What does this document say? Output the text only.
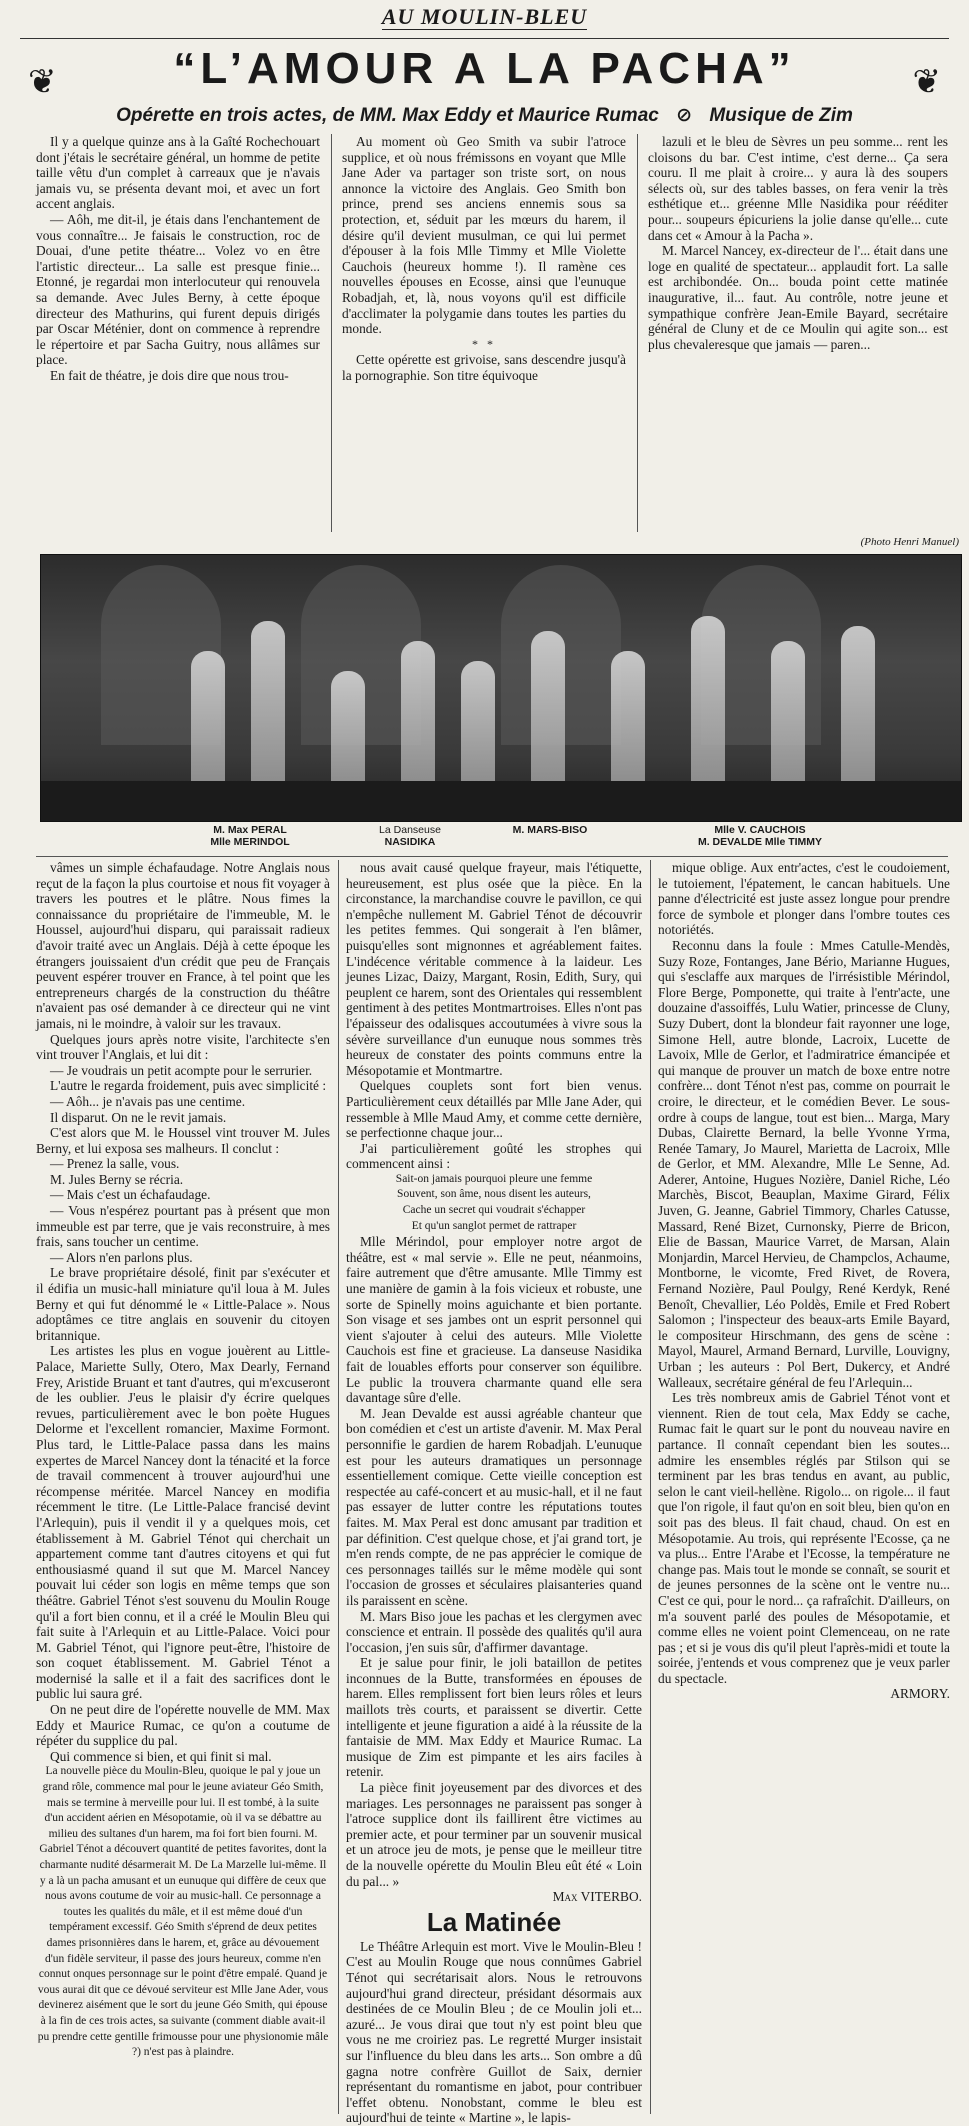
AU MOULIN-BLEU
❦	❦
“L’AMOUR A LA PACHA”
Opérette en trois actes, de MM. Max Eddy et Maurice Rumac ⊘ Musique de Zim

Il y a quelque quinze ans à la Gaîté Rochechouart dont j'étais le secrétaire général, un homme de petite taille vêtu d'un complet à carreaux que je n'avais jamais vu, se présenta devant moi, et avec un fort accent anglais.

— Aôh, me dit-il, je étais dans l'enchantement de vous connaître... Je faisais le construction, roc de Douai, d'une petite théatre... Volez vo en être l'artistic directeur... La salle est presque finie... Etonné, je regardai mon interlocuteur qui renouvela sa demande. Avec Jules Berny, à cette époque directeur des Mathurins, qui furent depuis dirigés par Oscar Méténier, dont on commence à reprendre le répertoire et par Sacha Guitry, nous allâmes sur place.

En fait de théatre, je dois dire que nous trou-

Au moment où Geo Smith va subir l'atroce supplice, et où nous frémissons en voyant que Mlle Jane Ader va partager son triste sort, on nous annonce la victoire des Anglais. Geo Smith bon prince, prend ses anciens ennemis sous sa protection, et, séduit par les mœurs du harem, il désire qu'il devient musulman, ce qui lui permet d'épouser à la fois Mlle Timmy et Mlle Violette Cauchois (heureux homme !). Il ramène ces nouvelles épouses en Ecosse, ainsi que l'eunuque Robadjah, et, là, nous voyons qu'il est difficile d'acclimater la polygamie dans toutes les parties du monde.

* *

Cette opérette est grivoise, sans descendre jusqu'à la pornographie. Son titre équivoque

lazuli et le bleu de Sèvres un peu somme... rent les cloisons du bar. C'est intime, c'est derne... Ça sera couru. Il me plait à croire... y aura là des soupers sélects où, sur des tables basses, on fera venir la très esthétique et... gréenne Mlle Nasidika pour rééditer pour... soupeurs épicuriens la jolie danse qu'elle... cute dans cet « Amour à la Pacha ».

M. Marcel Nancey, ex-directeur de l'... était dans une loge en qualité de spectateur... applaudit fort. La salle est archibondée. On... bouda point cette matinée inaugurative, il... faut. Au contrôle, notre jeune et sympathique confrère Jean-Emile Bayard, secrétaire général de Cluny et de ce Moulin qui agite son... est plus chevaleresque que jamais — paren...

(Photo Henri Manuel)
M. Max PERAL
Mlle MERINDOL
La Danseuse
NASIDIKA
M. MARS-BISO	Mlle V. CAUCHOIS
M. DEVALDE Mlle TIMMY

vâmes un simple échafaudage. Notre Anglais nous reçut de la façon la plus courtoise et nous fit voyager à travers les poutres et le plâtre. Nous fimes la connaissance du propriétaire de l'immeuble, M. le Houssel, aujourd'hui disparu, qui paraissait radieux d'avoir traité avec un Anglais. Déjà à cette époque les étrangers jouissaient d'un crédit que peu de Français peuvent espérer trouver en France, à tel point que les entrepreneurs chargés de la construction du théâtre n'avaient pas osé demander à ce directeur qui ne vint jamais, ni le moindre, à valoir sur les travaux.

Quelques jours après notre visite, l'architecte s'en vint trouver l'Anglais, et lui dit :

— Je voudrais un petit acompte pour le serrurier.

L'autre le regarda froidement, puis avec simplicité :

— Aôh... je n'avais pas une centime.

Il disparut. On ne le revit jamais.

C'est alors que M. le Houssel vint trouver M. Jules Berny, et lui exposa ses malheurs. Il conclut :

— Prenez la salle, vous.

M. Jules Berny se récria.

— Mais c'est un échafaudage.

— Vous n'espérez pourtant pas à présent que mon immeuble est par terre, que je vais reconstruire, à mes frais, sans toucher un centime.

— Alors n'en parlons plus.

Le brave propriétaire désolé, finit par s'exécuter et il édifia un music-hall miniature qu'il loua à M. Jules Berny et qui fut dénommé le « Little-Palace ». Nous adoptâmes ce titre anglais en souvenir du citoyen britannique.

Les artistes les plus en vogue jouèrent au Little-Palace, Mariette Sully, Otero, Max Dearly, Fernand Frey, Aristide Bruant et tant d'autres, qui m'excuseront de les oublier. J'eus le plaisir d'y écrire quelques revues, particulièrement avec le bon poète Hugues Delorme et l'excellent romancier, Maxime Formont. Plus tard, le Little-Palace passa dans les mains expertes de Marcel Nancey dont la ténacité et la force de travail commencent à trouver aujourd'hui une récompense méritée. Marcel Nancey en modifia récemment le titre. (Le Little-Palace francisé devint l'Arlequin), puis il vendit il y a quelques mois, cet établissement à M. Gabriel Ténot qui cherchait un appartement comme tant d'autres citoyens et qui fut enthousiasmé quand il sut que M. Marcel Nancey pouvait lui céder son logis en même temps que son théâtre. Gabriel Ténot s'est souvenu du Moulin Rouge qu'il a fort bien connu, et il a créé le Moulin Bleu qui fait suite à l'Arlequin et au Little-Palace. Voici pour M. Gabriel Ténot, qui l'ignore peut-être, l'histoire de son coquet établissement. M. Gabriel Ténot a modernisé la salle et il a fait des sacrifices dont le public lui saura gré.

On ne peut dire de l'opérette nouvelle de MM. Max Eddy et Maurice Rumac, ce qu'on a coutume de répéter du supplice du pal.

Qui commence si bien, et qui finit si mal.

La nouvelle pièce du Moulin-Bleu, quoique le pal y joue un grand rôle, commence mal pour le jeune aviateur Géo Smith, mais se termine à merveille pour lui. Il est tombé, à la suite d'un accident aérien en Mésopotamie, où il va se débattre au milieu des sultanes d'un harem, ma foi fort bien fourni. M. Gabriel Ténot a découvert quantité de petites favorites, dont la charmante nudité désarmerait M. De La Marzelle lui-même. Il y a là un pacha amusant et un eunuque qui diffère de ceux que nous avons coutume de voir au music-hall. Ce personnage a toutes les qualités du mâle, et il est même doué d'un tempérament excessif. Géo Smith s'éprend de deux petites dames prisonnières dans le harem, et, grâce au dévouement d'un fidèle serviteur, il passe des jours heureux, comme n'en connut onques personnage sur le point d'être empalé. Quand je vous aurai dit que ce dévoué serviteur est Mlle Jane Ader, vous devinerez aisément que le sort du jeune Géo Smith, qui épouse à la fin de ces trois actes, sa suivante (comment diable avait-il pu prendre cette gentille frimousse pour une physionomie mâle ?) n'est pas à plaindre.

nous avait causé quelque frayeur, mais l'étiquette, heureusement, est plus osée que la pièce. En la circonstance, la marchandise couvre le pavillon, ce qui n'empêche nullement M. Gabriel Ténot de découvrir les petites femmes. Qui songerait à l'en blâmer, puisqu'elles sont mignonnes et agréablement faites. L'indécence véritable commence à la laideur. Les jeunes Lizac, Daizy, Margant, Rosin, Edith, Sury, qui peuplent ce harem, sont des Orientales qui ressemblent gentiment à des petites Montmartroises. Elles n'ont pas l'épaisseur des odalisques accoutumées à vivre sous la sévère surveillance d'un eunuque nous sommes très heureux de constater des points communs entre la Mésopotamie et Montmartre.

Quelques couplets sont fort bien venus. Particulièrement ceux détaillés par Mlle Jane Ader, qui ressemble à Mlle Maud Amy, et comme cette dernière, se perfectionne chaque jour...

J'ai particulièrement goûté les strophes qui commencent ainsi :

Sait-on jamais pourquoi pleure une femme

Souvent, son âme, nous disent les auteurs,

Cache un secret qui voudrait s'échapper

Et qu'un sanglot permet de rattraper

Mlle Mérindol, pour employer notre argot de théâtre, est « mal servie ». Elle ne peut, néanmoins, faire autrement que d'être amusante. Mlle Timmy est une manière de gamin à la fois vicieux et robuste, une sorte de Spinelly moins aguichante et bien portante. Son visage et ses jambes ont un esprit personnel qui vient s'ajouter à celui des auteurs. Mlle Violette Cauchois est fine et gracieuse. La danseuse Nasidika fait de louables efforts pour conserver son équilibre. Le public la trouvera charmante quand elle sera davantage sûre d'elle.

M. Jean Devalde est aussi agréable chanteur que bon comédien et c'est un artiste d'avenir. M. Max Peral personnifie le gardien de harem Robadjah. L'eunuque est pour les auteurs dramatiques un personnage essentiellement comique. Cette vieille conception est respectée au café-concert et au music-hall, et il ne faut pas essayer de lutter contre les réputations toutes faites. M. Max Peral est donc amusant par tradition et par définition. C'est quelque chose, et j'ai grand tort, je m'en rends compte, de ne pas apprécier le comique de ces personnages taillés sur le même modèle qui sont l'occasion de grosses et séculaires plaisanteries quand ils paraissent en scène.

M. Mars Biso joue les pachas et les clergymen avec conscience et entrain. Il possède des qualités qu'il aura l'occasion, j'en suis sûr, d'affirmer davantage.

Et je salue pour finir, le joli bataillon de petites inconnues de la Butte, transformées en épouses de harem. Elles remplissent fort bien leurs rôles et leurs maillots très courts, et paraissent se divertir. Cette intelligente et jeune figuration a aidé à la réussite de la fantaisie de MM. Max Eddy et Maurice Rumac. La musique de Zim est pimpante et les airs faciles à retenir.

La pièce finit joyeusement par des divorces et des mariages. Les personnages ne paraissent pas songer à l'atroce supplice dont ils faillirent être victimes au premier acte, et pour terminer par un souvenir musical et un atroce jeu de mots, je pense que le meilleur titre de la nouvelle opérette du Moulin Bleu eût été « Loin du pal... »

Max VITERBO.

La Matinée

Le Théâtre Arlequin est mort. Vive le Moulin-Bleu ! C'est au Moulin Rouge que nous connûmes Gabriel Ténot qui secrétarisait alors. Nous le retrouvons aujourd'hui grand directeur, présidant désormais aux destinées de ce Moulin Bleu ; de ce Moulin joli et... azuré... Je vous dirai que tout n'y est point bleu que vous ne me croiriez pas. Le regretté Murger insistait sur l'influence du bleu dans les arts... Son ombre a dû gagna notre confrère Guillot de Saix, dernier représentant du romantisme en jabot, pour contribuer l'effet obtenu. Nonobstant, comme le bleu est aujourd'hui de teinte « Martine », le lapis-

mique oblige. Aux entr'actes, c'est le coudoiement, le tutoiement, l'épatement, le cancan habituels. Une panne d'électricité est juste assez longue pour prendre force de symbole et plonger dans l'ombre toutes ces notoriétés.

Reconnu dans la foule : Mmes Catulle-Mendès, Suzy Roze, Fontanges, Jane Bério, Marianne Hugues, qui s'esclaffe aux marques de l'irrésistible Mérindol, Flore Berge, Pomponette, qui traite à l'entr'acte, une douzaine d'assoiffés, Lulu Watier, princesse de Cluny, Suzy Dubert, dont la blondeur fait rayonner une loge, Simone Hell, autre blonde, Lacroix, Lucette de Lavoix, Mlle de Gerlor, et l'admiratrice émancipée et qui manque de prouver un match de boxe entre notre confrère... dont Ténot n'est pas, comme on pourrait le croire, le directeur, et le comédien Bever. Le sous-ordre à coups de langue, tout est bien... Marga, Mary Dubas, Clairette Bernard, la belle Yvonne Yrma, Renée Tamary, Jo Maurel, Marietta de Lacroix, Mlle de Gerlor, et MM. Alexandre, Mlle Le Senne, Ad. Aderer, Antoine, Hugues Nozière, Daniel Riche, Léo Marchès, Biscot, Beauplan, Maxime Girard, Félix Juven, G. Jeanne, Gabriel Timmory, Charles Catusse, Massard, René Bizet, Curnonsky, Pierre de Bricon, Elie de Bassan, Maurice Varret, de Marsan, Alain Monjardin, Marcel Hervieu, de Champclos, Achaume, Montborne, le vicomte, Fred Rivet, de Rovera, Fernand Nozière, Paul Poulgy, René Kerdyk, René Benoît, Chevallier, Léo Poldès, Emile et Fred Robert Salomon ; l'inspecteur des beaux-arts Emile Bayard, le compositeur Hirschmann, des gens de scène : Mayol, Maurel, Armand Bernard, Lurville, Louvigny, Urban ; les auteurs : Pol Bert, Dukercy, et André Walleaux, secrétaire général de feu l'Arlequin...

Les très nombreux amis de Gabriel Ténot vont et viennent. Rien de tout cela, Max Eddy se cache, Rumac fait le quart sur le pont du nouveau navire en partance. Il connaît cependant bien les soutes... admire les ensembles réglés par Stilson qui se terminent par les bras tendus en avant, au public, selon le cant vieil-hellène. Rigolo... on rigole... il faut que l'on rigole, il faut qu'on en soit bleu, bien qu'on en soit pas des bleus. Il fait chaud, chaud. On est en Mésopotamie. Au trois, qui représente l'Ecosse, ça ne va plus... Entre l'Arabe et l'Ecosse, la température ne change pas. Mais tout le monde se connaît, se sourit et de jeunes personnes de la scène ont le ventre nu... C'est ce qui, pour le nord... ça rafraîchit. D'ailleurs, on m'a souvent parlé des poules de Mésopotamie, et comme elles ne voient point Clemenceau, on ne rate pas ; et si je vous dis qu'il pleut l'après-midi et toute la soirée, j'entends et vous comprenez que je veux parler du spectacle.

ARMORY.
